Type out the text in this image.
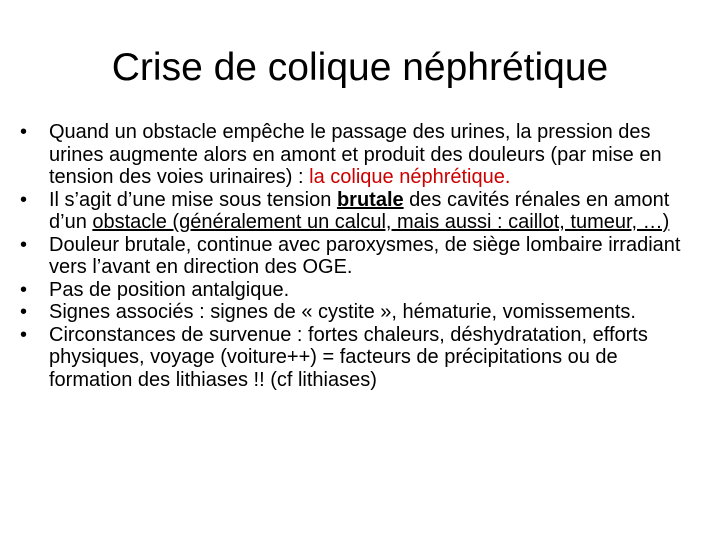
Crise de colique néphrétique
•	Quand un obstacle empêche le passage des urines, la pression des urines augmente alors en amont et produit des douleurs (par mise en tension des voies urinaires) : la colique néphrétique.
•	Il s’agit d’une mise sous tension brutale des cavités rénales en amont d’un obstacle (généralement un calcul, mais aussi : caillot, tumeur, …)
•	Douleur brutale, continue avec paroxysmes, de siège lombaire irradiant vers l’avant en direction des OGE.
•	Pas de position antalgique.
•	Signes associés : signes de « cystite », hématurie, vomissements.
•	Circonstances de survenue : fortes chaleurs, déshydratation, efforts physiques, voyage (voiture++) = facteurs de précipitations ou de formation des lithiases !! (cf lithiases)
